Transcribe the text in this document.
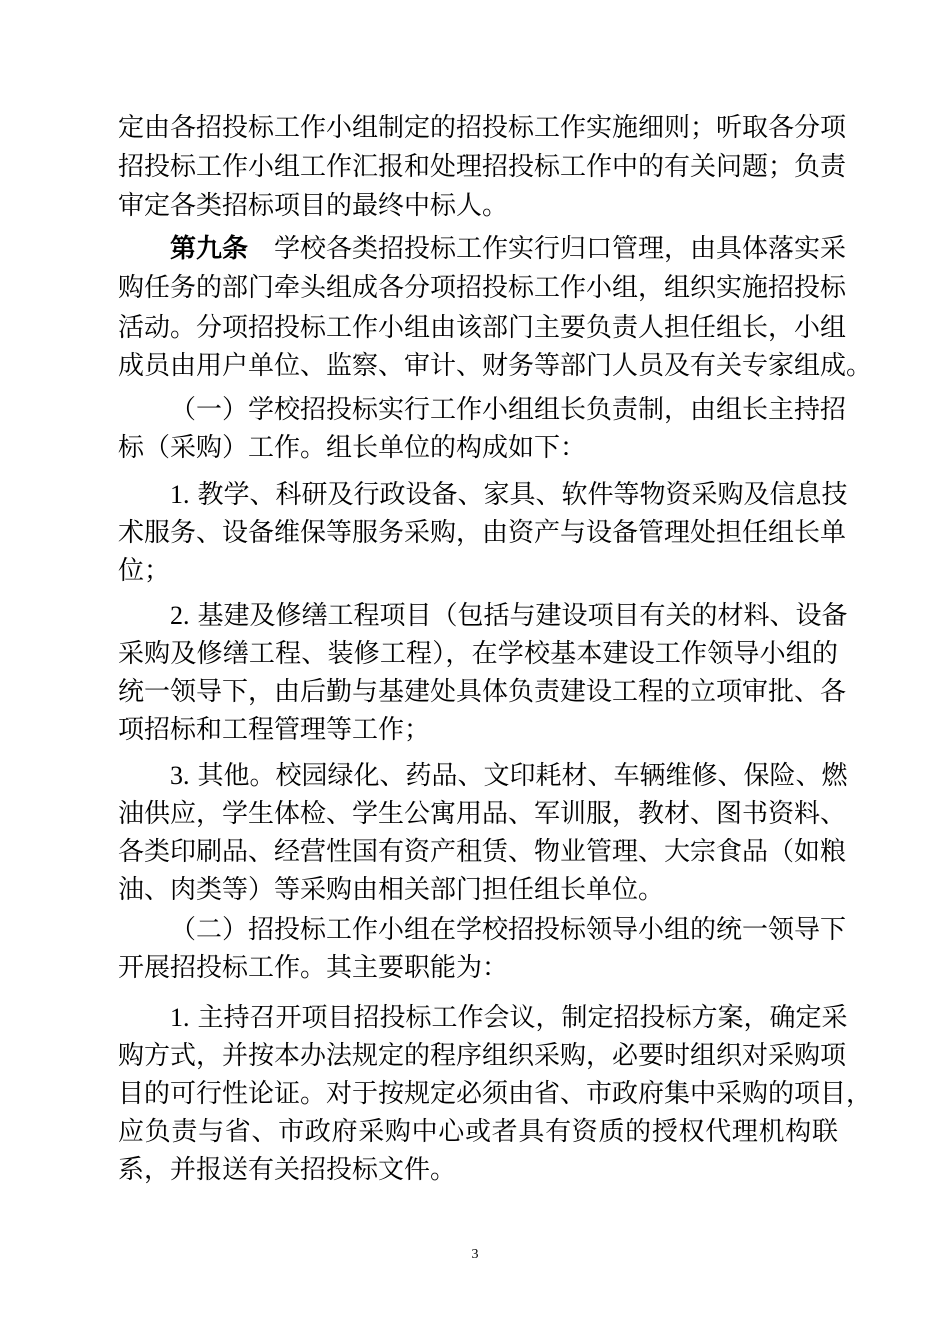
定由各招投标工作小组制定的招投标工作实施细则；听取各分项
招投标工作小组工作汇报和处理招投标工作中的有关问题；负责
审定各类招标项目的最终中标人。
第九条 学校各类招投标工作实行归口管理，由具体落实采
购任务的部门牵头组成各分项招投标工作小组，组织实施招投标
活动。分项招投标工作小组由该部门主要负责人担任组长，小组
成员由用户单位、监察、审计、财务等部门人员及有关专家组成。
（一）学校招投标实行工作小组组长负责制，由组长主持招
标（采购）工作。组长单位的构成如下：
1. 教学、科研及行政设备、家具、软件等物资采购及信息技
术服务、设备维保等服务采购，由资产与设备管理处担任组长单
位；
2. 基建及修缮工程项目（包括与建设项目有关的材料、设备
采购及修缮工程、装修工程），在学校基本建设工作领导小组的
统一领导下，由后勤与基建处具体负责建设工程的立项审批、各
项招标和工程管理等工作；
3. 其他。校园绿化、药品、文印耗材、车辆维修、保险、燃
油供应，学生体检、学生公寓用品、军训服，教材、图书资料、
各类印刷品、经营性国有资产租赁、物业管理、大宗食品（如粮
油、肉类等）等采购由相关部门担任组长单位。
（二）招投标工作小组在学校招投标领导小组的统一领导下
开展招投标工作。其主要职能为：
1. 主持召开项目招投标工作会议，制定招投标方案，确定采
购方式，并按本办法规定的程序组织采购，必要时组织对采购项
目的可行性论证。对于按规定必须由省、市政府集中采购的项目，
应负责与省、市政府采购中心或者具有资质的授权代理机构联
系，并报送有关招投标文件。
3
